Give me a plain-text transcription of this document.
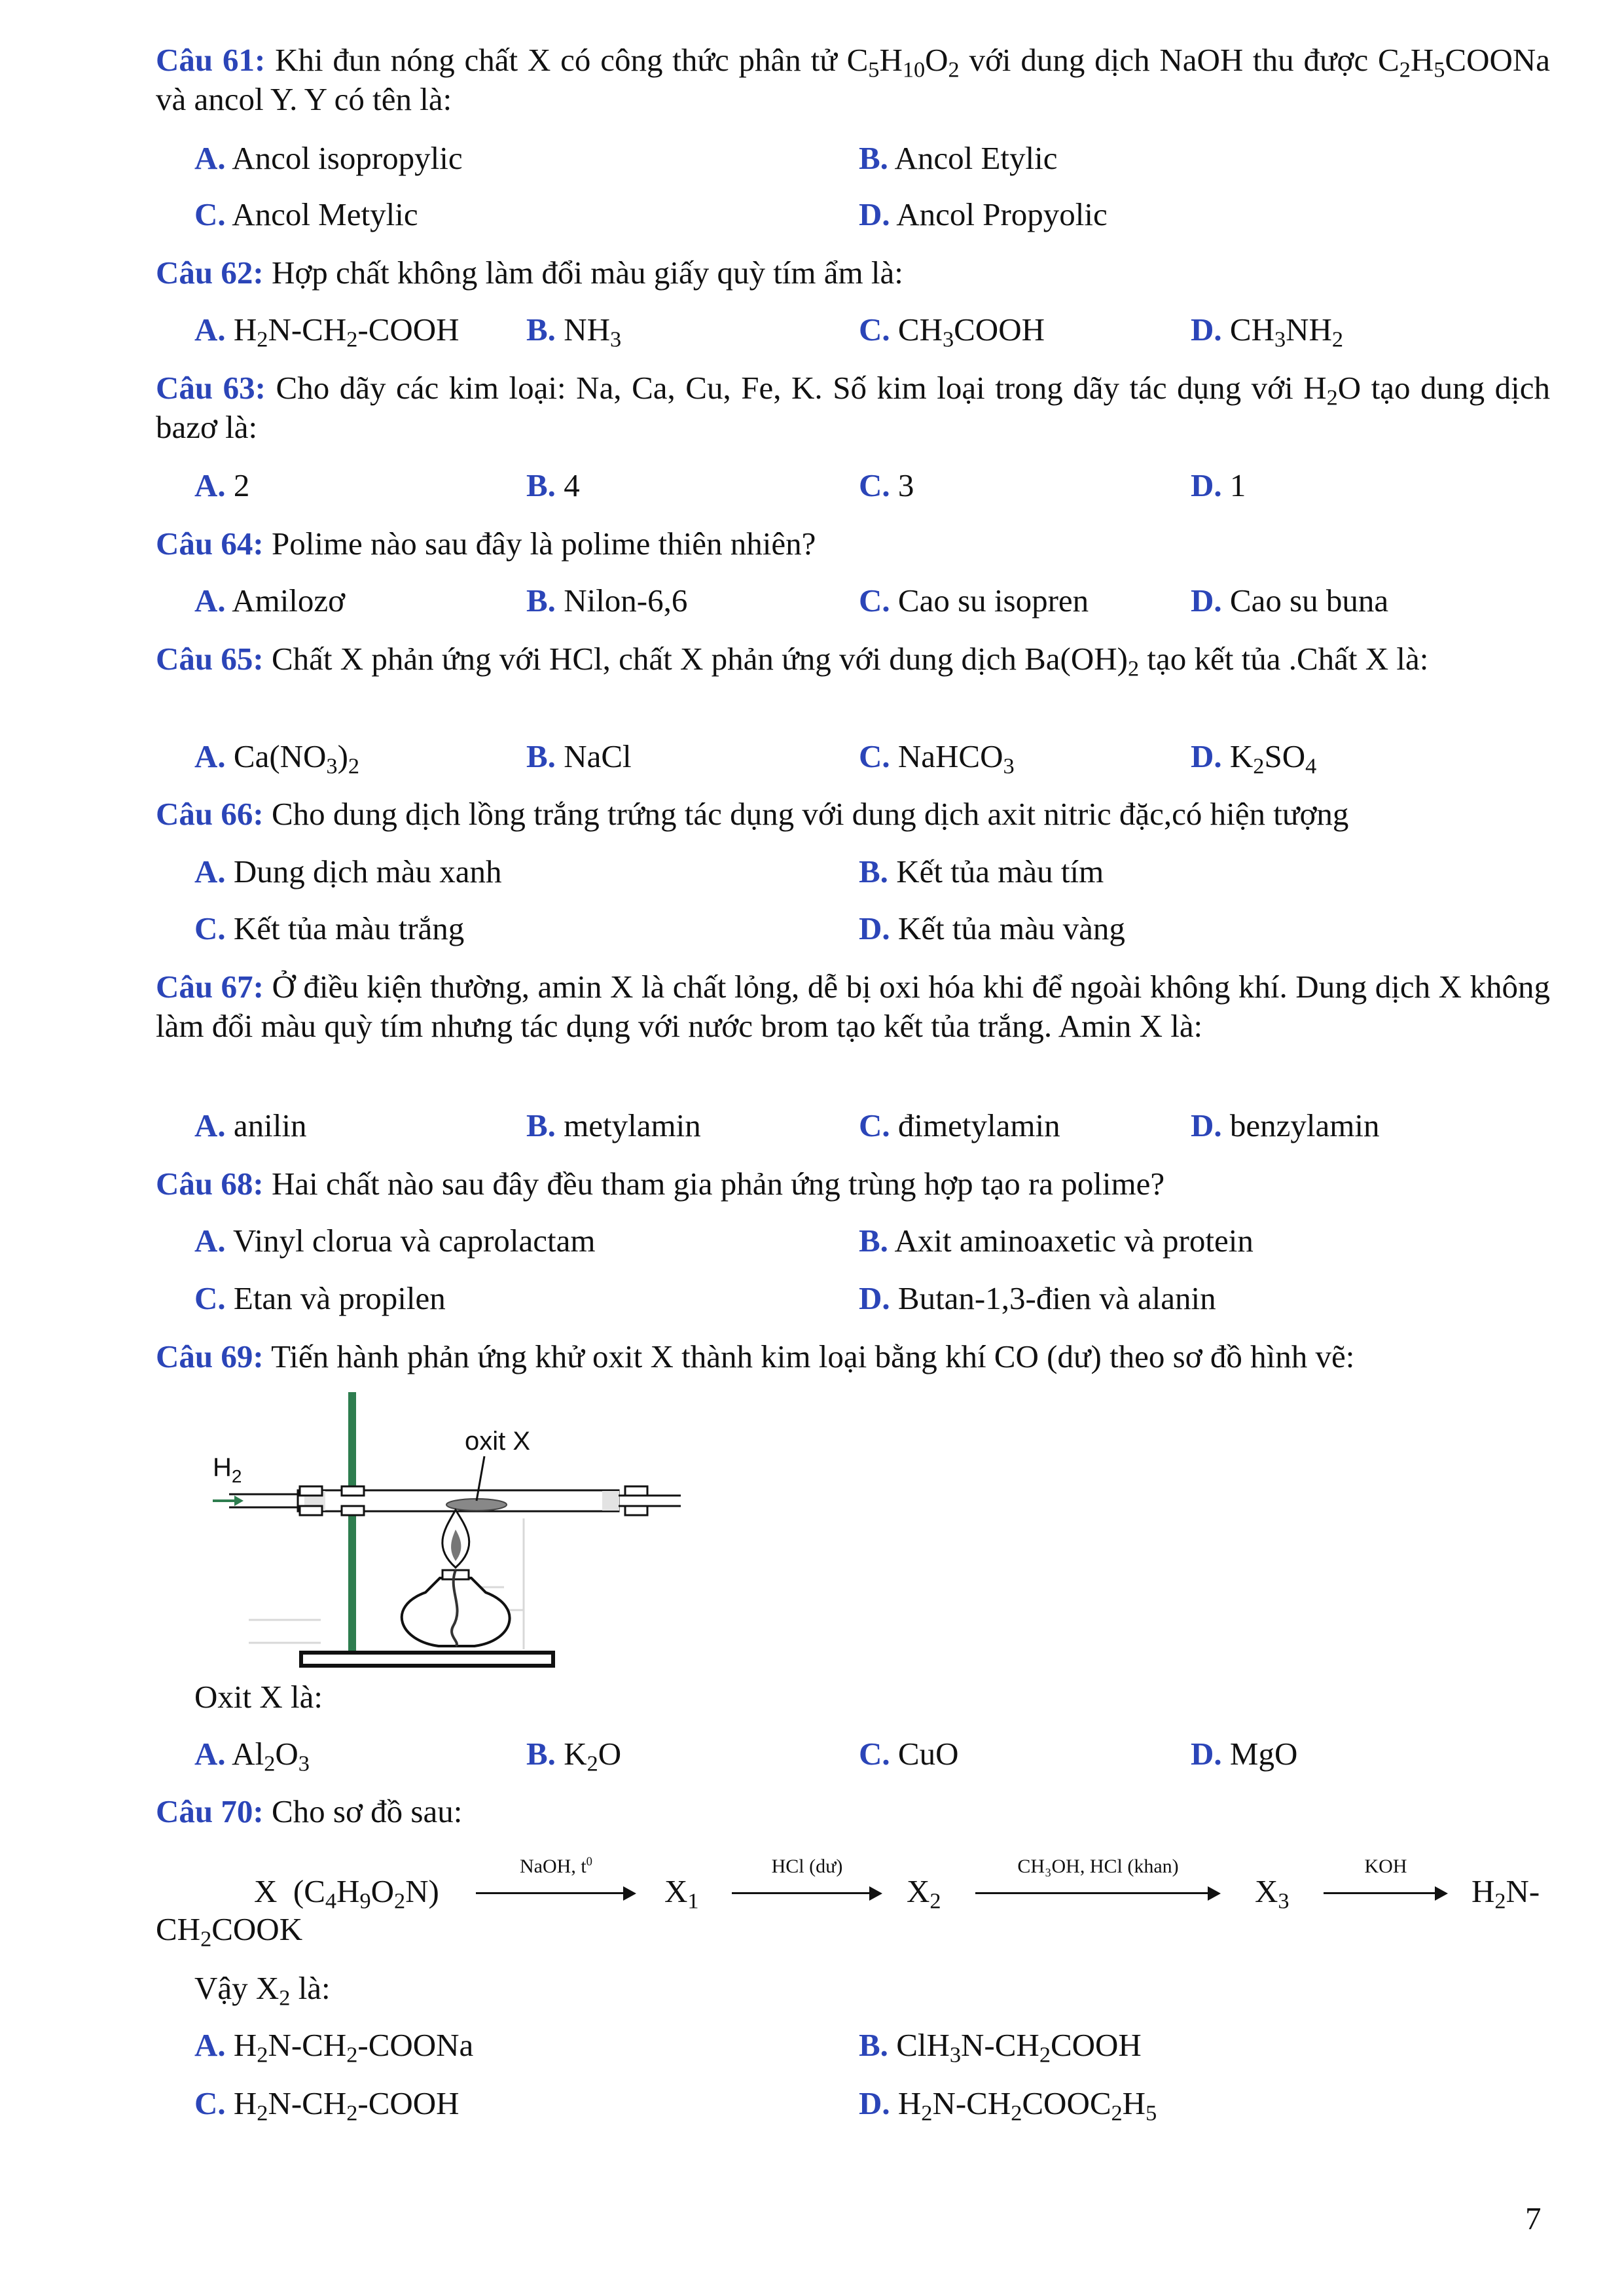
Câu 61: Khi đun nóng chất X có công thức phân tử $C_5H_{10}O_2$ với dung dịch NaOH thu được $C_2H_5COONa$ và ancol Y. Y có tên là:
A. Ancol isopropylic	B. Ancol Etylic
C. Ancol Metylic	D. Ancol Propyolic
Câu 62: Hợp chất không làm đổi màu giấy quỳ tím ẩm là:
A. $H_2N-CH_2$-COOH B. $NH_3$	C. $CH_3COOH$	D. $CH_3NH_2$
Câu 63: Cho dãy các kim loại: Na, Ca, Cu, Fe, K. Số kim loại trong dãy tác dụng với $H_2O$ tạo dung dịch bazơ là:
A. 2	B. 4	C. 3	D. 1
Câu 64: Polime nào sau đây là polime thiên nhiên?
A. Amilozơ	B. Nilon-6,6	C. Cao su isopren	D. Cao su buna
Câu 65: Chất X phản ứng với HCl, chất X phản ứng với dung dịch $Ba(OH)_2$ tạo kết tủa .Chất X là:
A. $Ca(NO_3)_2$	B. NaCl	C. NaHCO$_3$	D. $K_2SO_4$
Câu 66: Cho dung dịch lồng trắng trứng tác dụng với dung dịch axit nitric đặc,có hiện tượng
A. Dung dịch màu xanh	B. Kết tủa màu tím
C. Kết tủa màu trắng	D. Kết tủa màu vàng
Câu 67: Ở điều kiện thường, amin X là chất lỏng, dễ bị oxi hóa khi để ngoài không khí. Dung dịch X không làm đổi màu quỳ tím nhưng tác dụng với nước brom tạo kết tủa trắng. Amin X là:
A. anilin	B. metylamin	C. đimetylamin	D. benzylamin
Câu 68: Hai chất nào sau đây đều tham gia phản ứng trùng hợp tạo ra polime?
A. Vinyl clorua và caprolactam	B. Axit aminoaxetic và protein
C. Etan và propilen	D. Butan-1,3-đien và alanin
Câu 69: Tiến hành phản ứng khử oxit X thành kim loại bằng khí CO (dư) theo sơ đồ hình vẽ:
$H_2$
oxit X
Oxit X là:
A. $Al_2O_3$	B. $K_2O$	C. CuO	D. MgO
Câu 70: Cho sơ đồ sau:
X  $(C_4H_9O_2N)$
NaOH, $t^0$
$X_1$
HCl (dư)
$X_2$
CH₃OH, HCl (khan)
$X_3$
KOH
$H_2N-$
$CH_2COOK$
Vậy $X_2$ là:
A. $H_2N-CH_2$-COONa	B. $ClH_3N-CH_2COOH$
C. $H_2N-CH_2$-COOH	D. $H_2N-CH_2COOC_2H_5$
7
